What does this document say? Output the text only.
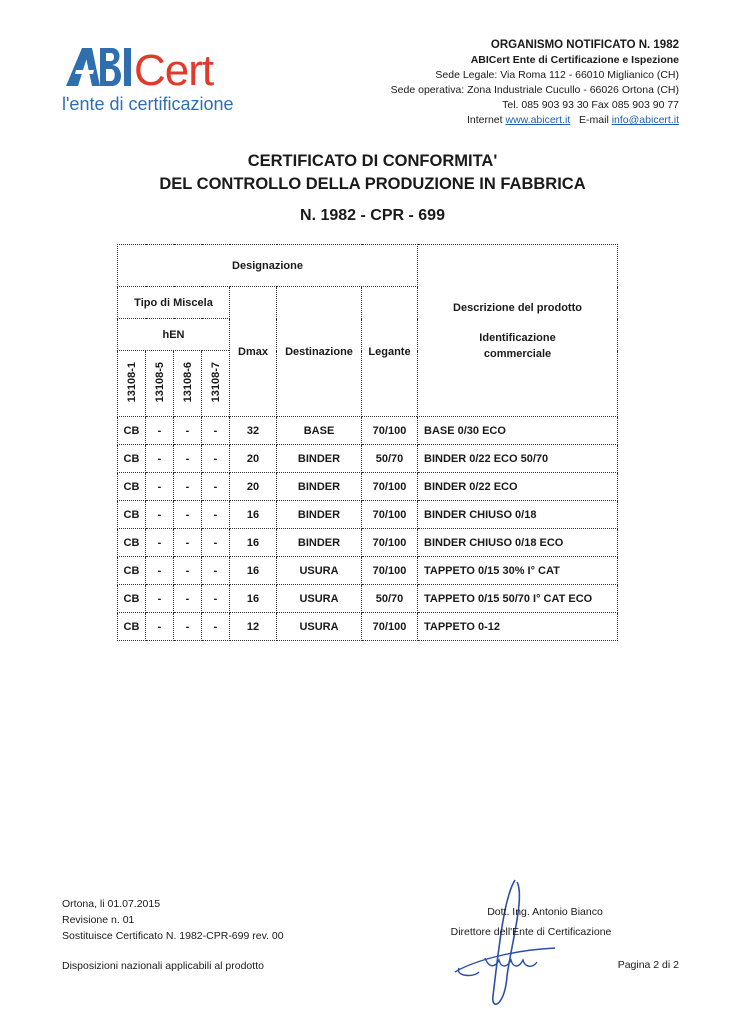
Cert
l'ente di certificazione
ORGANISMO NOTIFICATO N. 1982
ABICert Ente di Certificazione e Ispezione
Sede Legale: Via Roma 112 - 66010 Miglianico (CH)
Sede operativa: Zona Industriale Cucullo - 66026 Ortona (CH)
Tel. 085 903 93 30 Fax 085 903 90 77
Internet www.abicert.it E-mail info@abicert.it
CERTIFICATO DI CONFORMITA'
DEL CONTROLLO DELLA PRODUZIONE IN FABBRICA
N. 1982 - CPR - 699
Designazione							Descrizione del prodotto
Identificazione commerciale

Tipo di Miscela				Dmax	Destinazione	Legante	
hEN							
13108-1	13108-5	13108-6	13108-7				
CB	-	-	-	32	BASE	70/100	BASE 0/30 ECO
CB	-	-	-	20	BINDER	50/70	BINDER 0/22 ECO 50/70
CB	-	-	-	20	BINDER	70/100	BINDER 0/22 ECO
CB	-	-	-	16	BINDER	70/100	BINDER CHIUSO 0/18
CB	-	-	-	16	BINDER	70/100	BINDER CHIUSO 0/18 ECO
CB	-	-	-	16	USURA	70/100	TAPPETO 0/15 30% I° CAT
CB	-	-	-	16	USURA	50/70	TAPPETO 0/15 50/70 I° CAT ECO
CB	-	-	-	12	USURA	70/100	TAPPETO 0-12
Ortona, li 01.07.2015
Revisione n. 01
Sostituisce Certificato N. 1982-CPR-699 rev. 00
Disposizioni nazionali applicabili al prodotto
Dott. Ing. Antonio Bianco
Direttore dell'Ente di Certificazione
Pagina 2 di 2
